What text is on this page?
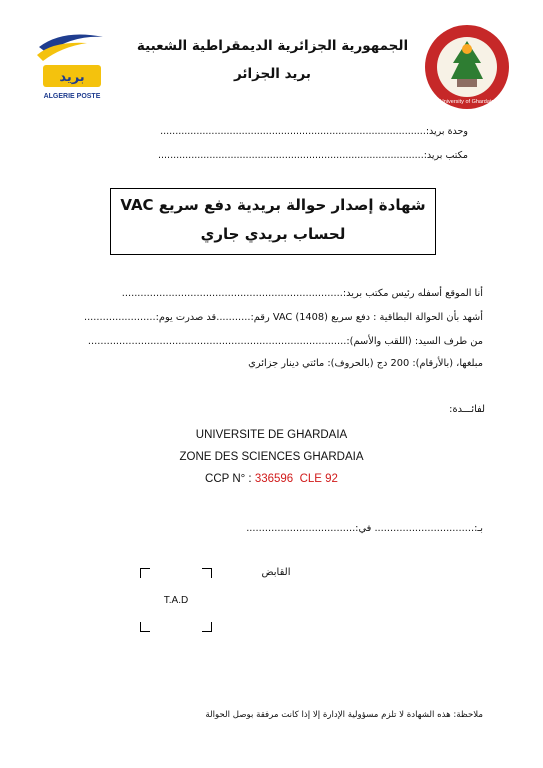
بريد
ALGERIE POSTE
University of Ghardaia
الجمهورية الجزائرية الديمقراطية الشعبية
بريد الجزائر
وحدة بريد:........................................................................................
مكتب بريد:........................................................................................
شهادة إصدار حوالة بريدية دفع سريع VAC
لحساب بريدي جاري
أنا الموقع أسفله رئيس مكتب بريد:.......................................................................
أشهد بأن الحوالة البطاقية : دفع سريع VAC (1408) رقم:...........قد صدرت يوم:.......................
من طرف السيد: (اللقب والأسم):...................................................................................
مبلغها، (بالأرقام): 200 دج (بالحروف): مائتي دينار جزائري
لفائـــدة:
UNIVERSITE DE GHARDAIA
ZONE DES SCIENCES GHARDAIA
CCP N° : 336596 CLE 92
بـ:................................ في:...................................
القابض
T.A.D
ملاحظة: هذه الشهادة لا تلزم مسؤولية الإدارة إلا إذا كانت مرفقة بوصل الحوالة
